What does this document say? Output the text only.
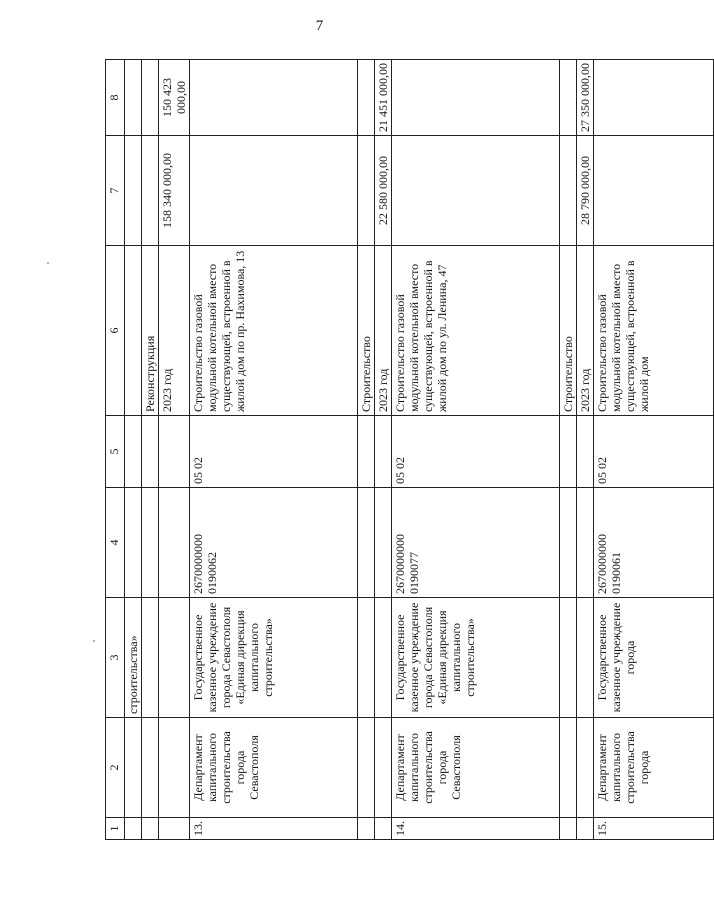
7
1	2	3	4	5	6	7	8
		строительства»					
					Реконструкция		
					2023 год	158 340 000,00	150 423 000,00
13.	Департамент капитального строительства города Севастополя	Государственное казенное учреждение города Севастополя «Единая дирекция капитального строительства»	2670000000 0190062	05 02	Строительство газовой модульной котельной вместо существующей, встроенной в жилой дом по пр. Нахимова, 13		
					Строительство		
					2023 год	22 580 000,00	21 451 000,00
14.	Департамент капитального строительства города Севастополя	Государственное казенное учреждение города Севастополя «Единая дирекция капитального строительства»	2670000000 0190077	05 02	Строительство газовой модульной котельной вместо существующей, встроенной в жилой дом по ул. Ленина, 47		
					Строительство		
					2023 год	28 790 000,00	27 350 000,00
15.	Департамент капитального строительства города	Государственное казенное учреждение города	2670000000 0190061	05 02	Строительство газовой модульной котельной вместо существующей, встроенной в жилой дом		
